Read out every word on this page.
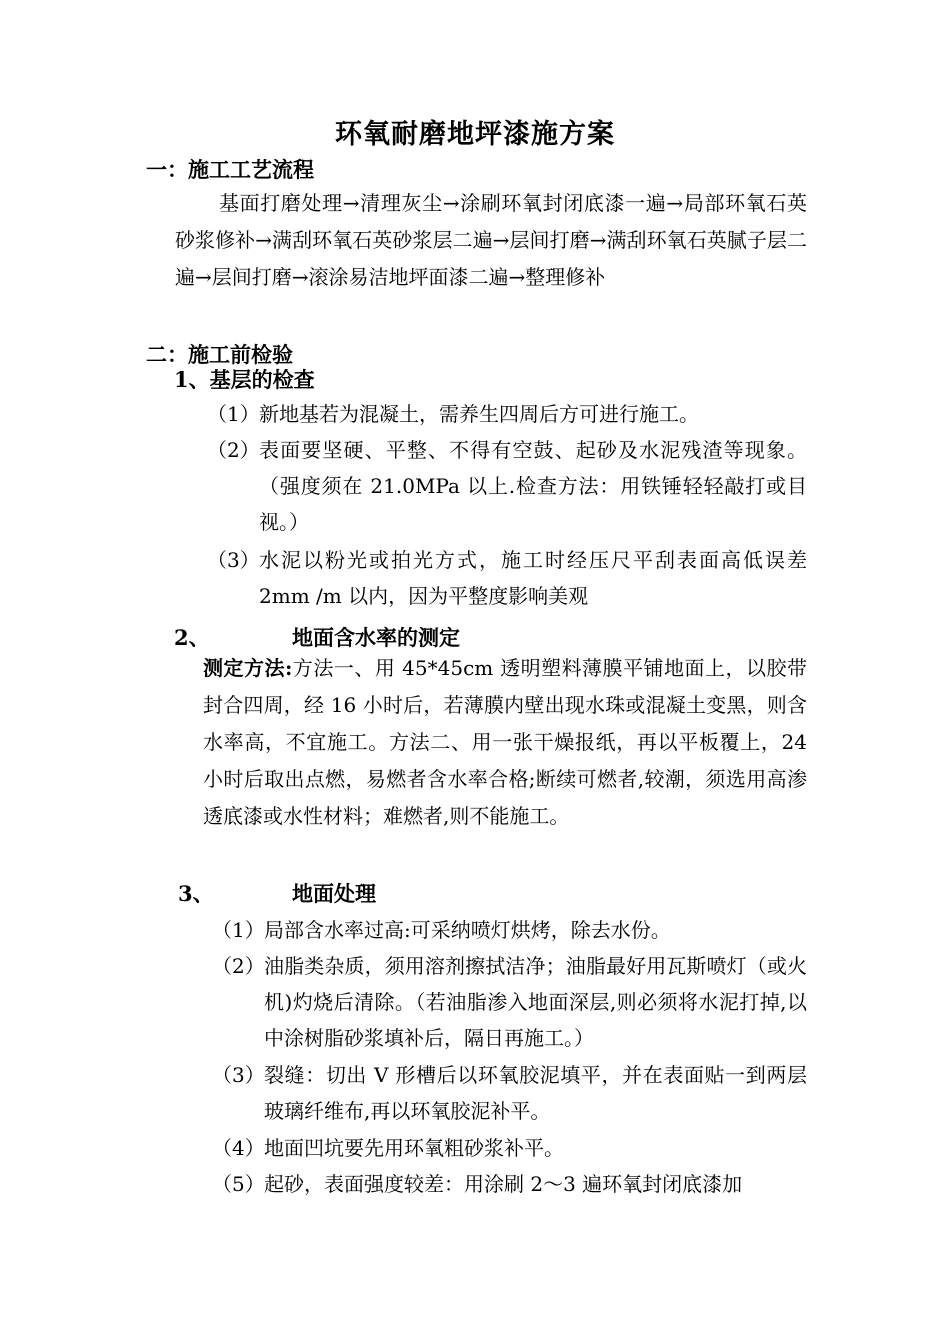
环氧耐磨地坪漆施方案
一：施工工艺流程
基面打磨处理→清理灰尘→涂刷环氧封闭底漆一遍→局部环氧石英砂浆修补→满刮环氧石英砂浆层二遍→层间打磨→满刮环氧石英腻子层二遍→层间打磨→滚涂易洁地坪面漆二遍→整理修补
二：施工前检验
1、基层的检查
（1） 新地基若为混凝土，需养生四周后方可进行施工。
（2） 表面要坚硬、平整、不得有空鼓、起砂及水泥残渣等现象。（强度须在 21.0MPa 以上.检查方法：用铁锤轻轻敲打或目视。）
（3） 水泥以粉光或拍光方式，施工时经压尺平刮表面高低误差 2mm /m 以内，因为平整度影响美观
2、	地面含水率的测定
测定方法:方法一、用 45*45cm 透明塑料薄膜平铺地面上，以胶带封合四周，经 16 小时后，若薄膜内壁出现水珠或混凝土变黑，则含水率高，不宜施工。方法二、用一张干燥报纸，再以平板覆上，24 小时后取出点燃，易燃者含水率合格;断续可燃者,较潮，须选用高渗透底漆或水性材料；难燃者,则不能施工。
3、	地面处理
（1） 局部含水率过高:可采纳喷灯烘烤，除去水份。
（2） 油脂类杂质，须用溶剂擦拭洁净；油脂最好用瓦斯喷灯（或火机)灼烧后清除。（若油脂渗入地面深层,则必须将水泥打掉,以中涂树脂砂浆填补后，隔日再施工。）
（3） 裂缝：切出 V 形槽后以环氧胶泥填平，并在表面贴一到两层玻璃纤维布,再以环氧胶泥补平。
（4） 地面凹坑要先用环氧粗砂浆补平。
（5） 起砂，表面强度较差：用涂刷 2～3 遍环氧封闭底漆加
